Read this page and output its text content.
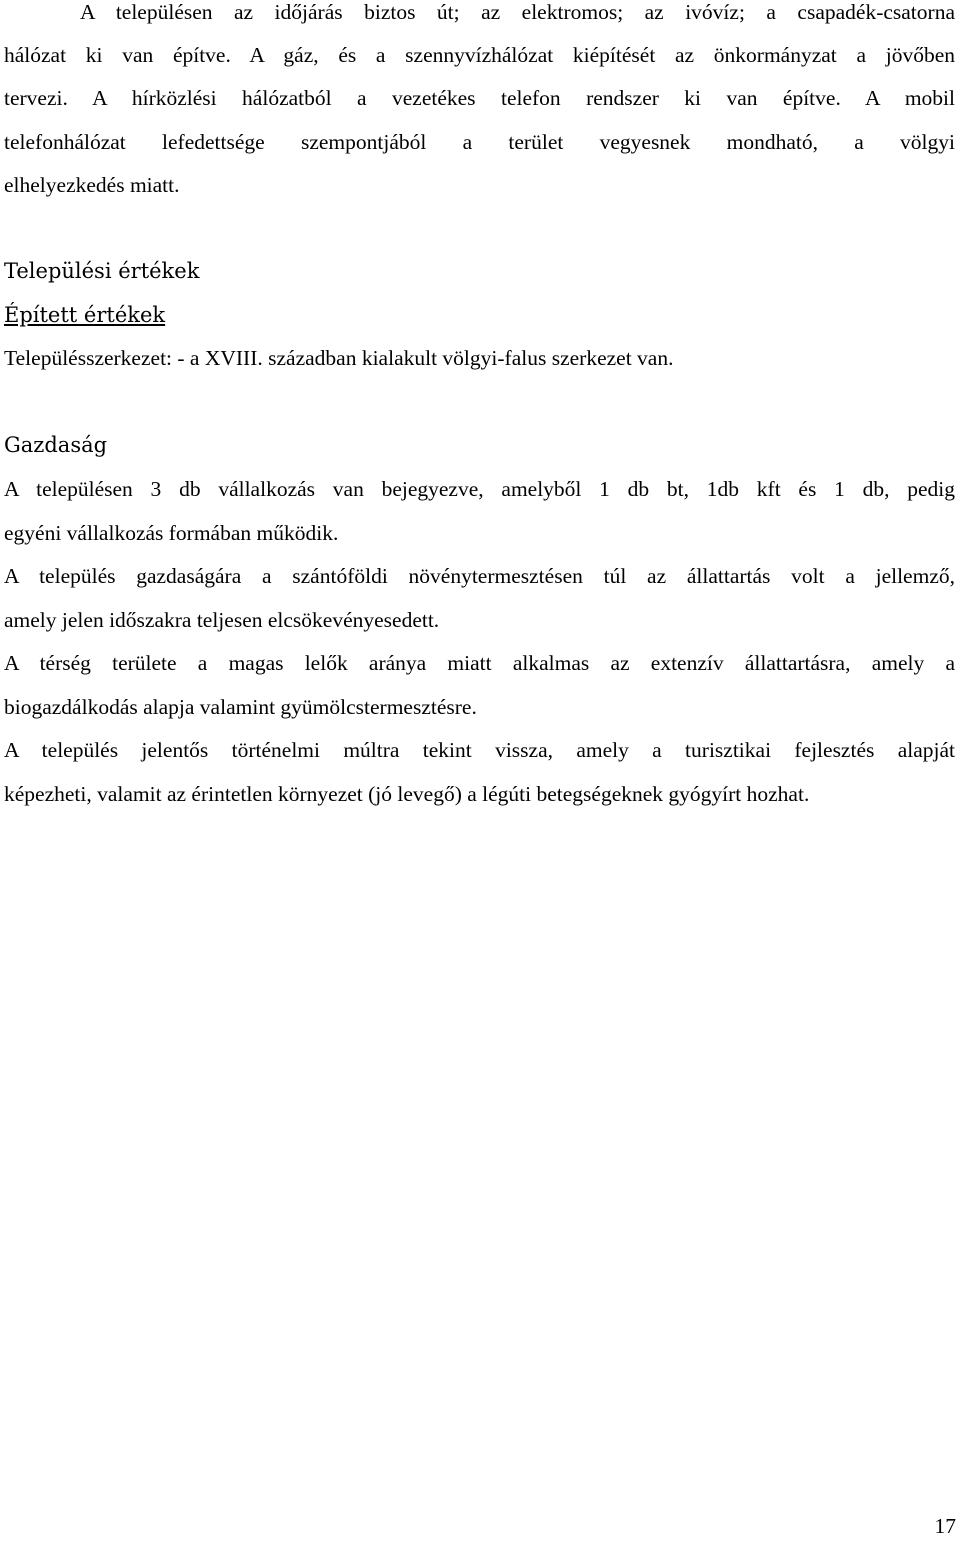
A településen az időjárás biztos út; az elektromos; az ivóvíz; a csapadék-csatorna
hálózat ki van építve. A gáz, és a szennyvízhálózat kiépítését az önkormányzat a jövőben
tervezi. A hírközlési hálózatból a vezetékes telefon rendszer ki van építve. A mobil
telefonhálózat lefedettsége szempontjából a terület vegyesnek mondható, a völgyi
elhelyezkedés miatt.
Települési értékek
Épített értékek
Településszerkezet: - a XVIII. században kialakult völgyi-falus szerkezet van.
Gazdaság
A településen 3 db vállalkozás van bejegyezve, amelyből 1 db bt, 1db kft és 1 db, pedig
egyéni vállalkozás formában működik.
A település gazdaságára a szántóföldi növénytermesztésen túl az állattartás volt a jellemző,
amely jelen időszakra teljesen elcsökevényesedett.
A térség területe a magas lelők aránya miatt alkalmas az extenzív állattartásra, amely a
biogazdálkodás alapja valamint gyümölcstermesztésre.
A település jelentős történelmi múltra tekint vissza, amely a turisztikai fejlesztés alapját
képezheti, valamit az érintetlen környezet (jó levegő) a légúti betegségeknek gyógyírt hozhat.
17
